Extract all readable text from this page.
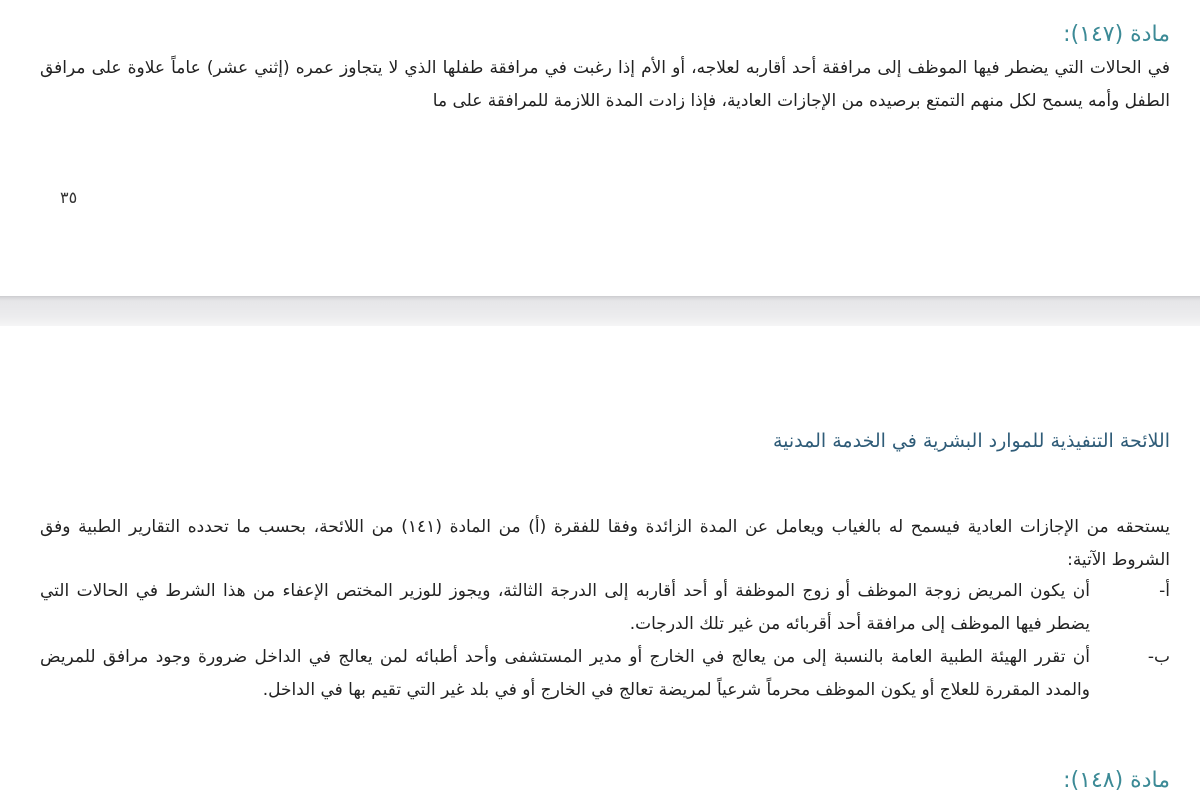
مادة (١٤٧):
في الحالات التي يضطر فيها الموظف إلى مرافقة أحد أقاربه لعلاجه، أو الأم إذا رغبت في مرافقة طفلها الذي لا يتجاوز عمره (إثني عشر) عاماً علاوة على مرافق الطفل وأمه يسمح لكل منهم التمتع برصيده من الإجازات العادية، فإذا زادت المدة اللازمة للمرافقة على ما
٣٥
اللائحة التنفيذية للموارد البشرية في الخدمة المدنية
يستحقه من الإجازات العادية فيسمح له بالغياب ويعامل عن المدة الزائدة وفقا للفقرة (أ) من المادة (١٤١) من اللائحة، بحسب ما تحدده التقارير الطبية وفق الشروط الآتية:
أ-
أن يكون المريض زوجة الموظف أو زوج الموظفة أو أحد أقاربه إلى الدرجة الثالثة، ويجوز للوزير المختص الإعفاء من هذا الشرط في الحالات التي يضطر فيها الموظف إلى مرافقة أحد أقربائه من غير تلك الدرجات.
ب-
أن تقرر الهيئة الطبية العامة بالنسبة إلى من يعالج في الخارج أو مدير المستشفى وأحد أطبائه لمن يعالج في الداخل ضرورة وجود مرافق للمريض والمدد المقررة للعلاج أو يكون الموظف محرماً شرعياً لمريضة تعالج في الخارج أو في بلد غير التي تقيم بها في الداخل.
مادة (١٤٨):
